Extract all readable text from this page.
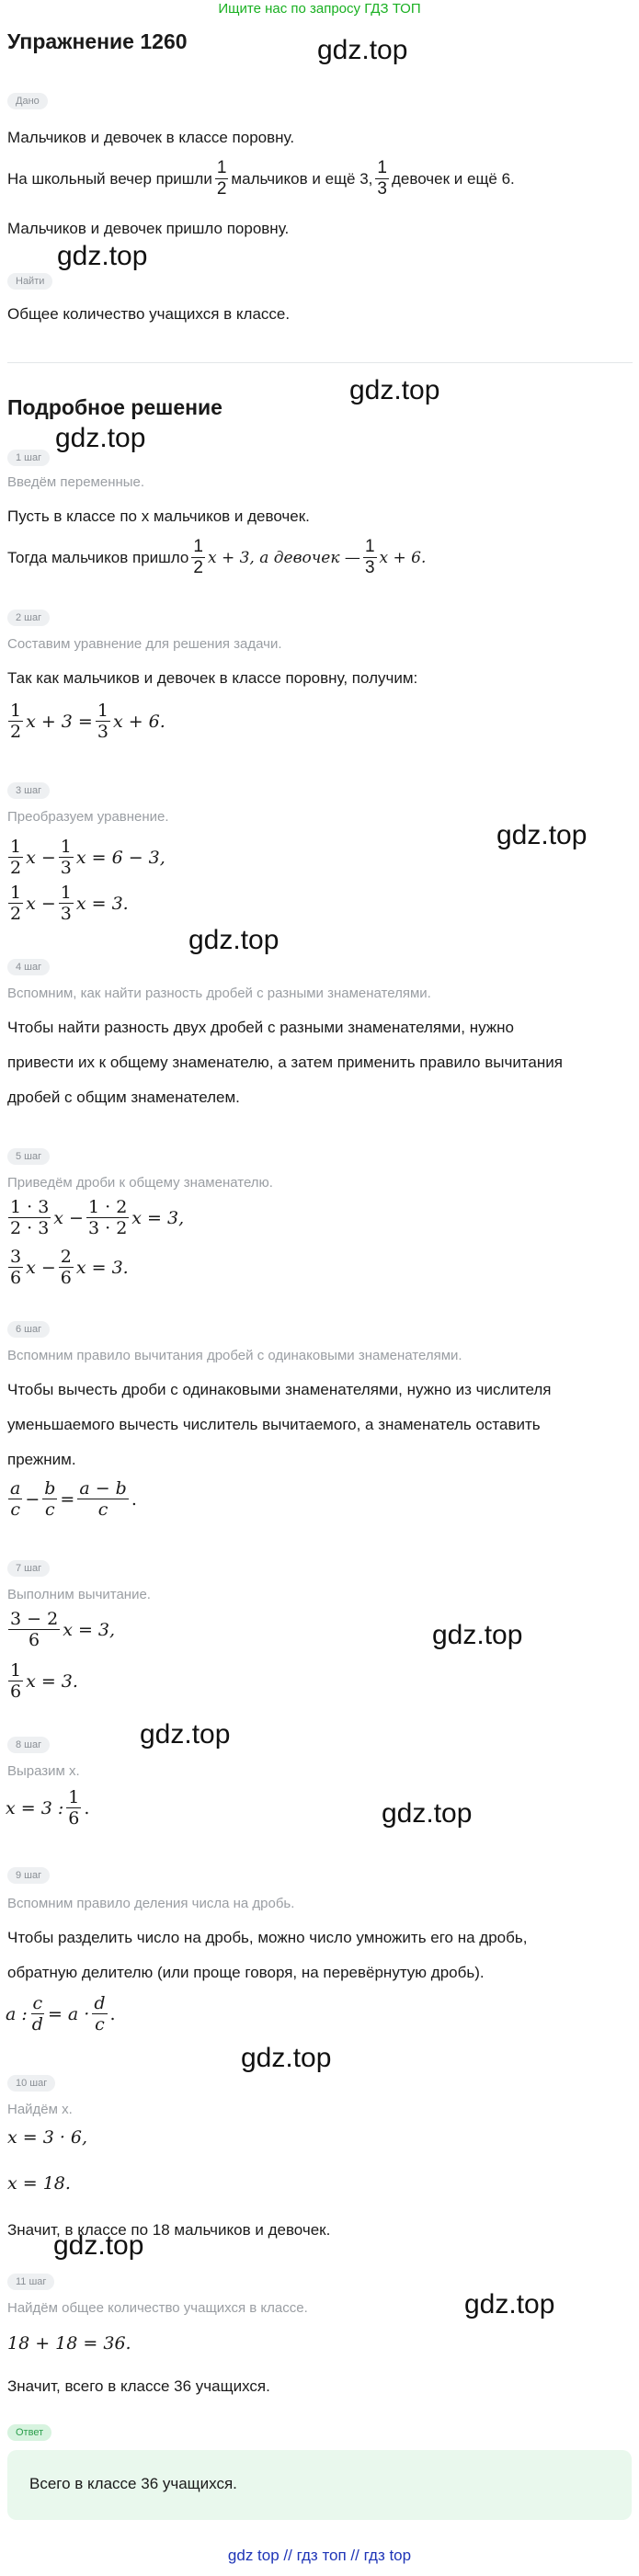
Ищите нас по запросу ГДЗ ТОП
Упражнение 1260	gdz.top
Дано
Мальчиков и девочек в классе поровну.
На школьный вечер пришли $\frac{1}{2}$ мальчиков и ещё 3, $\frac{1}{3}$ девочек и ещё 6.
Мальчиков и девочек пришло поровну.
gdz.top
Найти
Общее количество учащихся в классе.
Подробное решение
gdz.top
gdz.top
1 шаг
Введём переменные.
Пусть в классе по x мальчиков и девочек.
Тогда мальчиков пришло $\frac{1}{2}$ x + 3, а девочек — $\frac{1}{3}$ x + 6.
2 шаг
Составим уравнение для решения задачи.
Так как мальчиков и девочек в классе поровну, получим:
$\frac{1}{2}$ $x + 3 = \frac{1}{3}$ x + 6.
3 шаг
Преобразуем уравнение.
gdz.top
$\frac{1}{2}$ $x - \frac{1}{3}$ x = 6 − 3,
$\frac{1}{2}$ $x - \frac{1}{3}$ x = 3.
gdz.top
4 шаг
Вспомним, как найти разность дробей с разными знаменателями.
Чтобы найти разность двух дробей с разными знаменателями, нужно
привести их к общему знаменателю, а затем применить правило вычитания
дробей с общим знаменателем.
5 шаг
Приведём дроби к общему знаменателю.
$\frac{1 \cdot 3}{2 \cdot 3}$ $x - \frac{1 \cdot 2}{3 \cdot 2}$ x = 3,
$\frac{3}{6}$ $x - \frac{2}{6}$ x = 3.
6 шаг
Вспомним правило вычитания дробей с одинаковыми знаменателями.
Чтобы вычесть дроби с одинаковыми знаменателями, нужно из числителя
уменьшаемого вычесть числитель вычитаемого, а знаменатель оставить
прежним.
$\frac{a}{c} - \frac{b}{c} = \frac{a - b}{c}$ .
7 шаг
Выполним вычитание.
$\frac{3 - 2}{6}$ x = 3,	gdz.top
$\frac{1}{6}$ x = 3.
8 шаг	gdz.top
Выразим x.
gdz.top
x = 3 : $\frac{1}{6}$ .
9 шаг
Вспомним правило деления числа на дробь.
Чтобы разделить число на дробь, можно число умножить его на дробь,
обратную делителю (или проще говоря, на перевёрнутую дробь).
a : $\frac{c}{d} = a \cdot \frac{d}{c}$ .
gdz.top
10 шаг
Найдём x.
x = 3 · 6,
x = 18.
Значит, в классе по 18 мальчиков и девочек.
gdz.top
11 шаг
gdz.top
Найдём общее количество учащихся в классе.
18 + 18 = 36.
Значит, всего в классе 36 учащихся.
Ответ
Всего в классе 36 учащихся.
gdz top // гдз топ // гдз top
